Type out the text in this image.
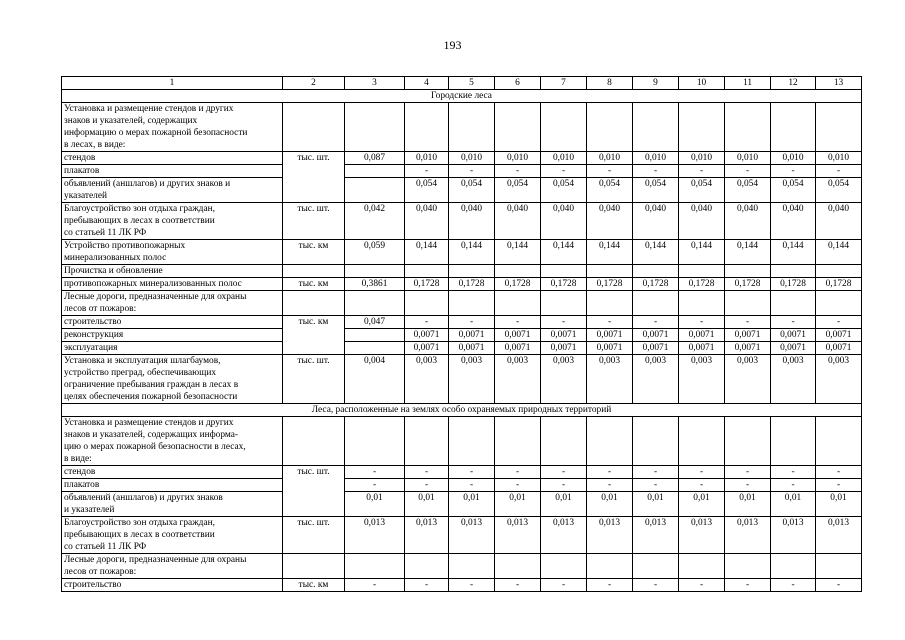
193
1	2	3	4	5	6	7	8	9	10	11	12	13
Городские леса												

Установка и размещение стендов и других
знаков и указателей, содержащих
информацию о мерах пожарной безопасности
в лесах, в виде:												

стендов	тыс. шт.	0,087	0,010	0,010	0,010	0,010	0,010	0,010	0,010	0,010	0,010	0,010

плакатов			-	-	-	-	-	-	-	-	-	-

объявлений (аншлагов) и других знаков и
указателей			0,054	0,054	0,054	0,054	0,054	0,054	0,054	0,054	0,054	0,054

Благоустройство зон отдыха граждан,
пребывающих в лесах в соответствии
со статьей 11 ЛК РФ	тыс. шт.	0,042	0,040	0,040	0,040	0,040	0,040	0,040	0,040	0,040	0,040	0,040

Устройство противопожарных
минерализованных полос	тыс. км	0,059	0,144	0,144	0,144	0,144	0,144	0,144	0,144	0,144	0,144	0,144

Прочистка и обновление												

противопожарных минерализованных полос	тыс. км	0,3861	0,1728	0,1728	0,1728	0,1728	0,1728	0,1728	0,1728	0,1728	0,1728	0,1728

Лесные дороги, предназначенные для охраны
лесов от пожаров:												

строительство	тыс. км	0,047	-	-	-	-	-	-	-	-	-	-

реконструкция			0,0071	0,0071	0,0071	0,0071	0,0071	0,0071	0,0071	0,0071	0,0071	0,0071

эксплуатация			0,0071	0,0071	0,0071	0,0071	0,0071	0,0071	0,0071	0,0071	0,0071	0,0071

Установка и эксплуатация шлагбаумов,
устройство преград, обеспечивающих
ограничение пребывания граждан в лесах в
целях обеспечения пожарной безопасности	тыс. шт.	0,004	0,003	0,003	0,003	0,003	0,003	0,003	0,003	0,003	0,003	0,003
Леса, расположенные на землях особо охраняемых природных территорий												

Установка и размещение стендов и других
знаков и указателей, содержащих информа-
цию о мерах пожарной безопасности в лесах,
в виде:												

стендов	тыс. шт.	-	-	-	-	-	-	-	-	-	-	-

плакатов		-	-	-	-	-	-	-	-	-	-	-

объявлений (аншлагов) и других знаков
и указателей		0,01	0,01	0,01	0,01	0,01	0,01	0,01	0,01	0,01	0,01	0,01

Благоустройство зон отдыха граждан,
пребывающих в лесах в соответствии
со статьей 11 ЛК РФ	тыс. шт.	0,013	0,013	0,013	0,013	0,013	0,013	0,013	0,013	0,013	0,013	0,013

Лесные дороги, предназначенные для охраны
лесов от пожаров:												

строительство	тыс. км	-	-	-	-	-	-	-	-	-	-	-
